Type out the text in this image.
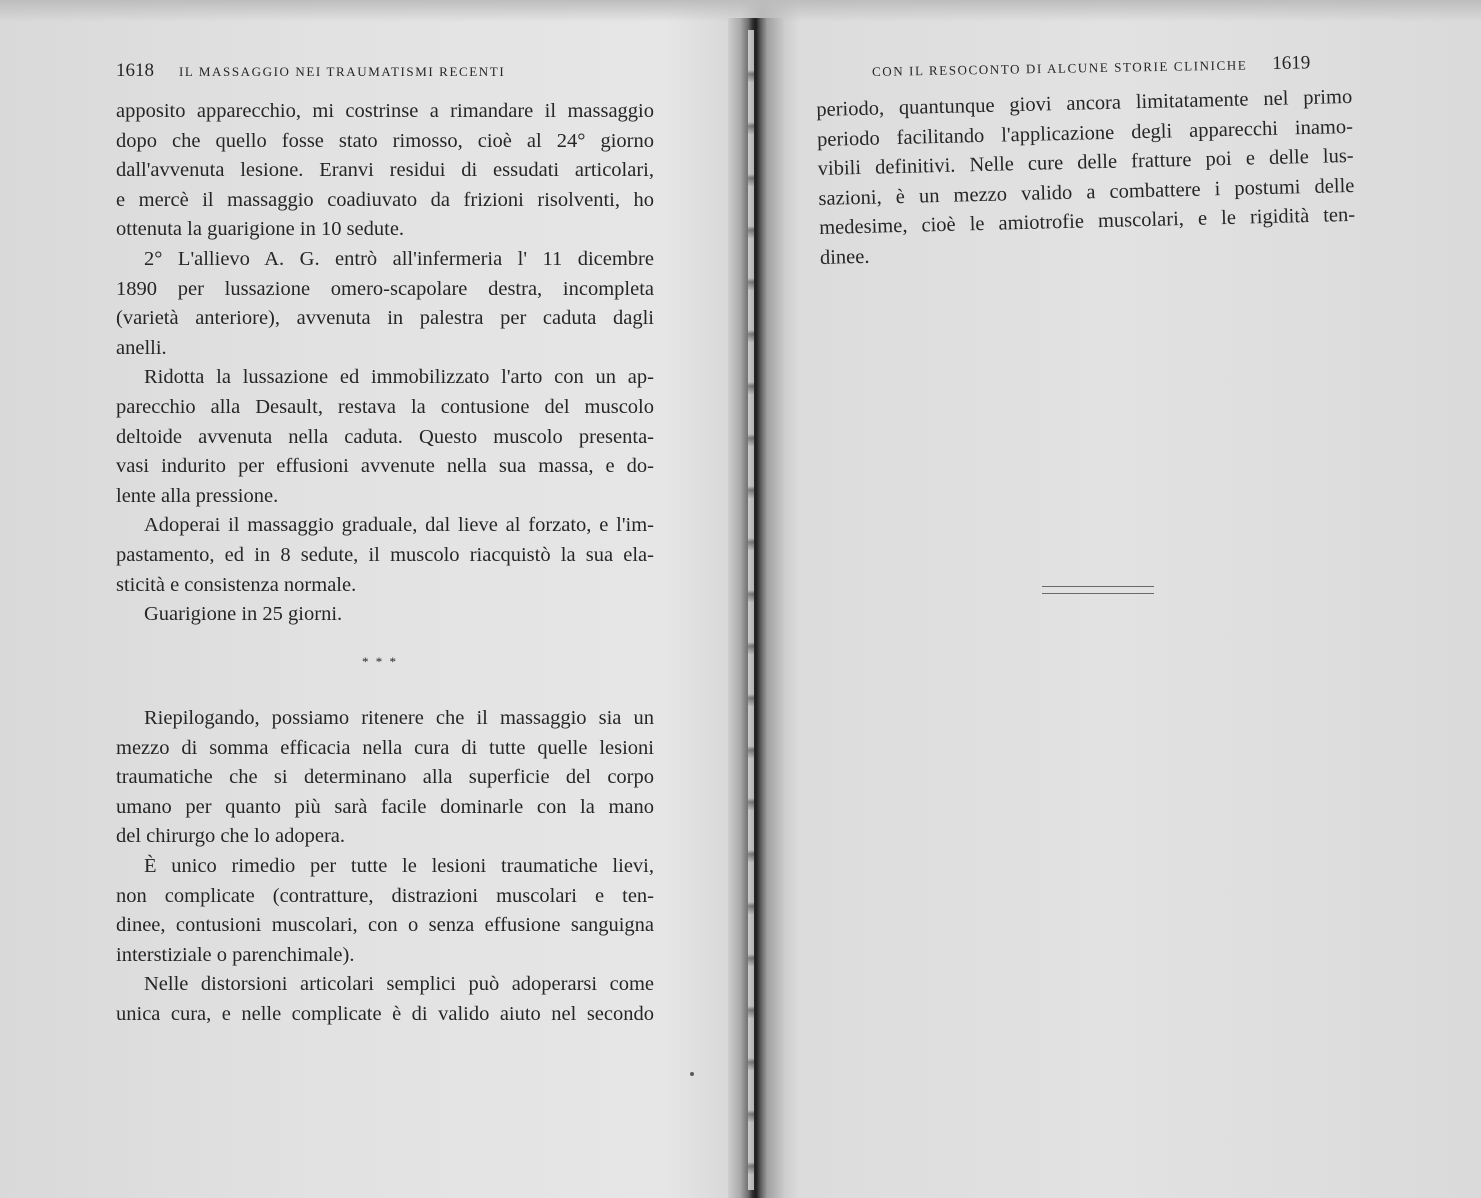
1618 IL MASSAGGIO NEI TRAUMATISMI RECENTI
apposito apparecchio, mi costrinse a rimandare il massaggio
dopo che quello fosse stato rimosso, cioè al 24° giorno
dall'avvenuta lesione. Eranvi residui di essudati articolari,
e mercè il massaggio coadiuvato da frizioni risolventi, ho
ottenuta la guarigione in 10 sedute.
2° L'allievo A. G. entrò all'infermeria l' 11 dicembre
1890 per lussazione omero-scapolare destra, incompleta
(varietà anteriore), avvenuta in palestra per caduta dagli
anelli.
Ridotta la lussazione ed immobilizzato l'arto con un ap-
parecchio alla Desault, restava la contusione del muscolo
deltoide avvenuta nella caduta. Questo muscolo presenta-
vasi indurito per effusioni avvenute nella sua massa, e do-
lente alla pressione.
Adoperai il massaggio graduale, dal lieve al forzato, e l'im-
pastamento, ed in 8 sedute, il muscolo riacquistò la sua ela-
sticità e consistenza normale.
Guarigione in 25 giorni.
* * *
Riepilogando, possiamo ritenere che il massaggio sia un
mezzo di somma efficacia nella cura di tutte quelle lesioni
traumatiche che si determinano alla superficie del corpo
umano per quanto più sarà facile dominarle con la mano
del chirurgo che lo adopera.
È unico rimedio per tutte le lesioni traumatiche lievi,
non complicate (contratture, distrazioni muscolari e ten-
dinee, contusioni muscolari, con o senza effusione sanguigna
interstiziale o parenchimale).
Nelle distorsioni articolari semplici può adoperarsi come
unica cura, e nelle complicate è di valido aiuto nel secondo
CON IL RESOCONTO DI ALCUNE STORIE CLINICHE 1619
periodo, quantunque giovi ancora limitatamente nel primo
periodo facilitando l'applicazione degli apparecchi inamo-
vibili definitivi. Nelle cure delle fratture poi e delle lus-
sazioni, è un mezzo valido a combattere i postumi delle
medesime, cioè le amiotrofie muscolari, e le rigidità ten-
dinee.
